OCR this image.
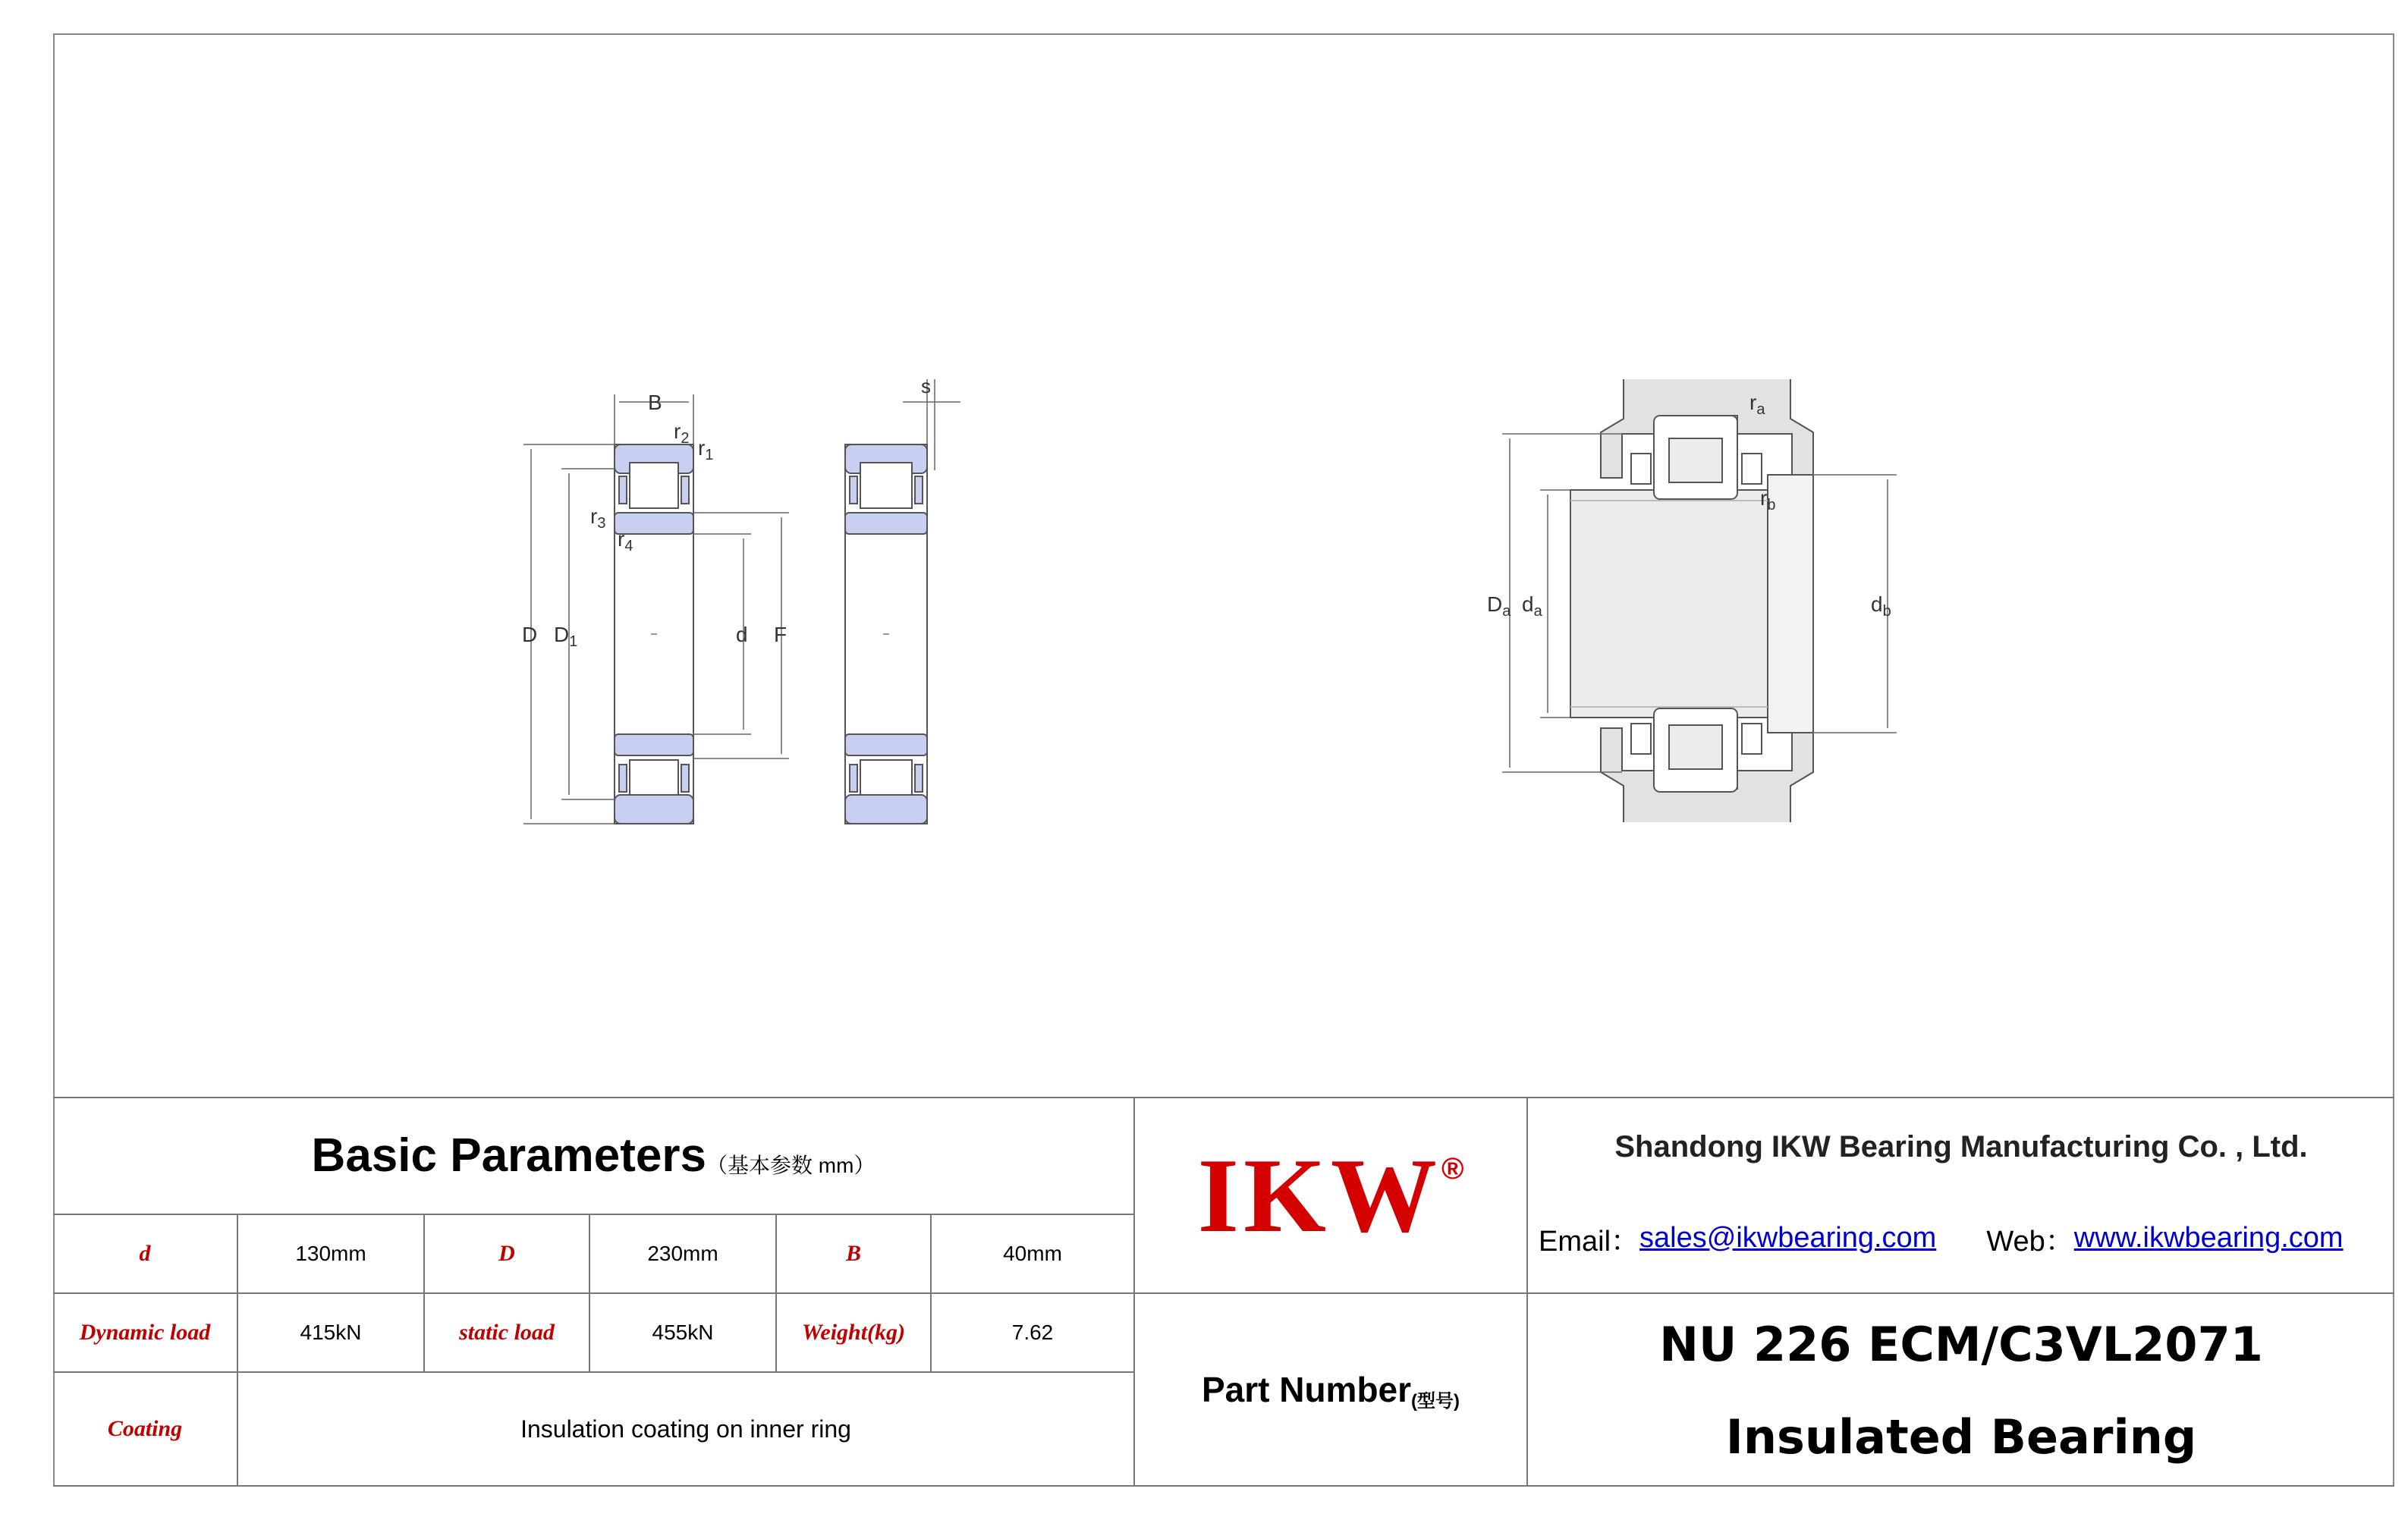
B
$r_2$ $r_1$
$r_3$
$r_4$
D $D_1$	d F
s
$D_a$ $d_a$
$r_a$
$r_b$
$d_b$
Basic Parameters （基本参数 mm）
d	130mm	D	230mm	B	40mm
Dynamic load	415kN	static load	455kN	Weight(kg)	7.62
Coating	Insulation coating on inner ring
IKW ®
Part Number (型号)
Shandong IKW Bearing Manufacturing Co. , Ltd.
Email： sales@ikwbearing.com Web： www.ikwbearing.com
NU 226 ECM/C3VL2071
Insulated Bearing
